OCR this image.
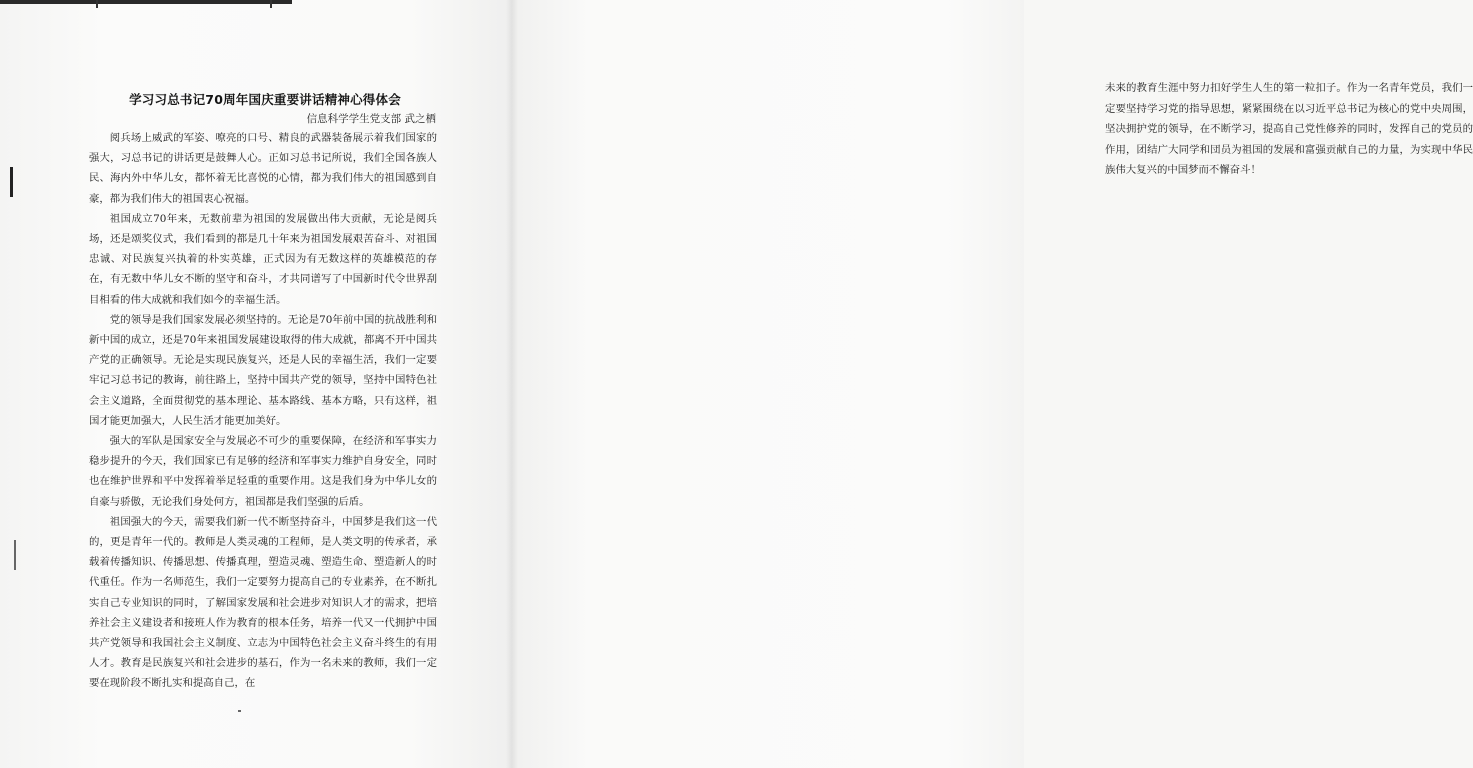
学习习总书记70周年国庆重要讲话精神心得体会
信息科学学生党支部 武之栖

阅兵场上威武的军姿、嘹亮的口号、精良的武器装备展示着我们国家的强大，习总书记的讲话更是鼓舞人心。正如习总书记所说，我们全国各族人民、海内外中华儿女，都怀着无比喜悦的心情，都为我们伟大的祖国感到自豪，都为我们伟大的祖国衷心祝福。

祖国成立70年来，无数前辈为祖国的发展做出伟大贡献，无论是阅兵场，还是颂奖仪式，我们看到的都是几十年来为祖国发展艰苦奋斗、对祖国忠诚、对民族复兴执着的朴实英雄，正式因为有无数这样的英雄模范的存在，有无数中华儿女不断的坚守和奋斗，才共同谱写了中国新时代令世界刮目相看的伟大成就和我们如今的幸福生活。

党的领导是我们国家发展必须坚持的。无论是70年前中国的抗战胜利和新中国的成立，还是70年来祖国发展建设取得的伟大成就，都离不开中国共产党的正确领导。无论是实现民族复兴，还是人民的幸福生活，我们一定要牢记习总书记的教诲，前往路上，坚持中国共产党的领导，坚持中国特色社会主义道路，全面贯彻党的基本理论、基本路线、基本方略，只有这样，祖国才能更加强大，人民生活才能更加美好。

强大的军队是国家安全与发展必不可少的重要保障，在经济和军事实力稳步提升的今天，我们国家已有足够的经济和军事实力维护自身安全，同时也在维护世界和平中发挥着举足轻重的重要作用。这是我们身为中华儿女的自豪与骄傲，无论我们身处何方，祖国都是我们坚强的后盾。

祖国强大的今天，需要我们新一代不断坚持奋斗，中国梦是我们这一代的，更是青年一代的。教师是人类灵魂的工程师，是人类文明的传承者，承载着传播知识、传播思想、传播真理，塑造灵魂、塑造生命、塑造新人的时代重任。作为一名师范生，我们一定要努力提高自己的专业素养，在不断扎实自己专业知识的同时，了解国家发展和社会进步对知识人才的需求，把培养社会主义建设者和接班人作为教育的根本任务，培养一代又一代拥护中国共产党领导和我国社会主义制度、立志为中国特色社会主义奋斗终生的有用人才。教育是民族复兴和社会进步的基石，作为一名未来的教师，我们一定要在现阶段不断扎实和提高自己，在

未来的教育生涯中努力扣好学生人生的第一粒扣子。作为一名青年党员，我们一定要坚持学习党的指导思想，紧紧围绕在以习近平总书记为核心的党中央周围，坚决拥护党的领导，在不断学习，提高自己党性修养的同时，发挥自己的党员的作用，团结广大同学和団员为祖国的发展和富强贡献自己的力量，为实现中华民族伟大复兴的中国梦而不懈奋斗！
